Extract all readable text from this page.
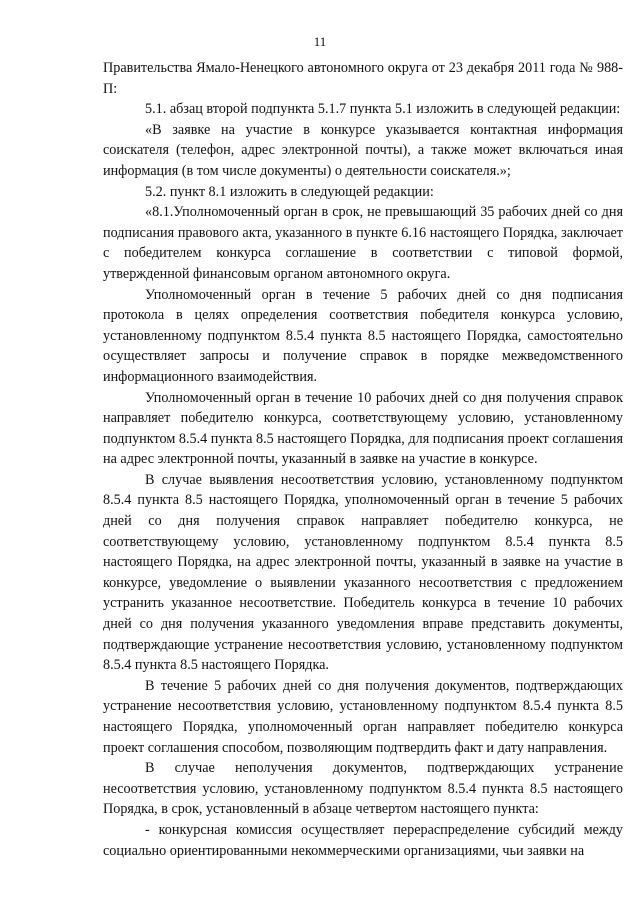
11

Правительства Ямало-Ненецкого автономного округа от 23 декабря 2011 года № 988-П:

5.1. абзац второй подпункта 5.1.7 пункта 5.1 изложить в следующей редакции:

«В заявке на участие в конкурсе указывается контактная информация соискателя (телефон, адрес электронной почты), а также может включаться иная информация (в том числе документы) о деятельности соискателя.»;

5.2. пункт 8.1 изложить в следующей редакции:

«8.1.Уполномоченный орган в срок, не превышающий 35 рабочих дней со дня подписания правового акта, указанного в пункте 6.16 настоящего Порядка, заключает с победителем конкурса соглашение в соответствии с типовой формой, утвержденной финансовым органом автономного округа.

Уполномоченный орган в течение 5 рабочих дней со дня подписания протокола в целях определения соответствия победителя конкурса условию, установленному подпунктом 8.5.4 пункта 8.5 настоящего Порядка, самостоятельно осуществляет запросы и получение справок в порядке межведомственного информационного взаимодействия.

Уполномоченный орган в течение 10 рабочих дней со дня получения справок направляет победителю конкурса, соответствующему условию, установленному подпунктом 8.5.4 пункта 8.5 настоящего Порядка, для подписания проект соглашения на адрес электронной почты, указанный в заявке на участие в конкурсе.

В случае выявления несоответствия условию, установленному подпунктом 8.5.4 пункта 8.5 настоящего Порядка, уполномоченный орган в течение 5 рабочих дней со дня получения справок направляет победителю конкурса, не соответствующему условию, установленному подпунктом 8.5.4 пункта 8.5 настоящего Порядка, на адрес электронной почты, указанный в заявке на участие в конкурсе, уведомление о выявлении указанного несоответствия с предложением устранить указанное несоответствие. Победитель конкурса в течение 10 рабочих дней со дня получения указанного уведомления вправе представить документы, подтверждающие устранение несоответствия условию, установленному подпунктом 8.5.4 пункта 8.5 настоящего Порядка.

В течение 5 рабочих дней со дня получения документов, подтверждающих устранение несоответствия условию, установленному подпунктом 8.5.4 пункта 8.5 настоящего Порядка, уполномоченный орган направляет победителю конкурса проект соглашения способом, позволяющим подтвердить факт и дату направления.

В случае неполучения документов, подтверждающих устранение несоответствия условию, установленному подпунктом 8.5.4 пункта 8.5 настоящего Порядка, в срок, установленный в абзаце четвертом настоящего пункта:

- конкурсная комиссия осуществляет перераспределение субсидий между социально ориентированными некоммерческими организациями, чьи заявки на
